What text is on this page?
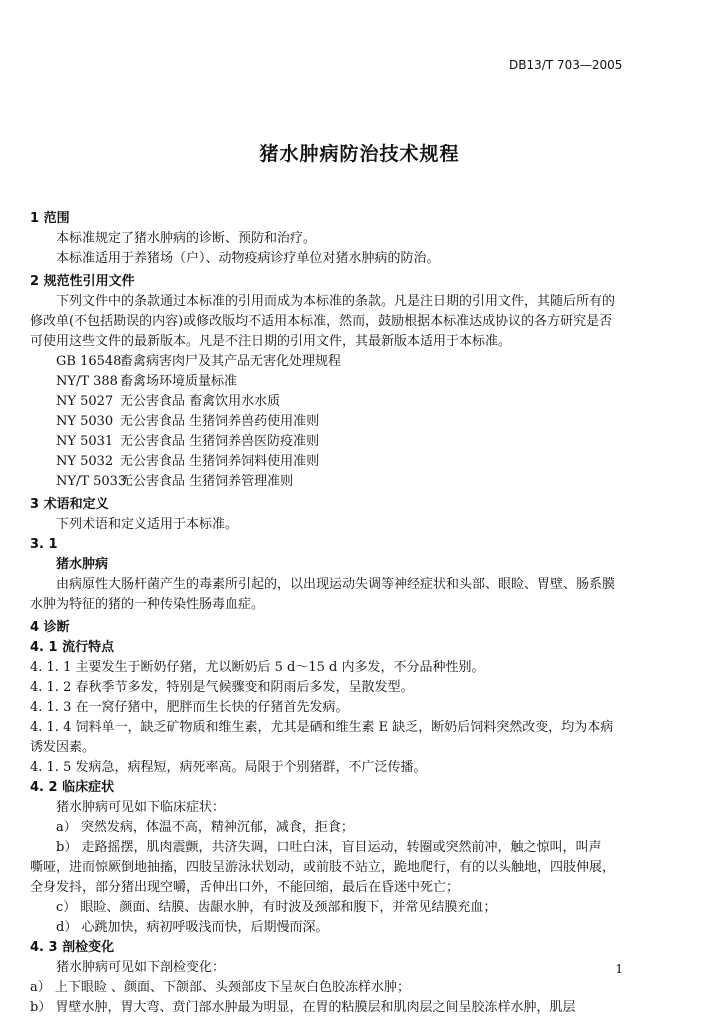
DB13/T 703—2005
猪水肿病防治技术规程
1 范围
本标准规定了猪水肿病的诊断、预防和治疗。
本标准适用于养猪场（户）、动物疫病诊疗单位对猪水肿病的防治。
2 规范性引用文件
下列文件中的条款通过本标准的引用而成为本标准的条款。凡是注日期的引用文件，其随后所有的
修改单(不包括勘误的内容)或修改版均不适用本标准，然而，鼓励根据本标准达成协议的各方研究是否
可使用这些文件的最新版本。凡是不注日期的引用文件，其最新版本适用于本标准。
GB 16548畜禽病害肉尸及其产品无害化处理规程
NY/T 388 畜禽场环境质量标准
NY 5027 无公害食品 畜禽饮用水水质
NY 5030 无公害食品 生猪饲养兽药使用准则
NY 5031 无公害食品 生猪饲养兽医防疫准则
NY 5032 无公害食品 生猪饲养饲料使用准则
NY/T 5033无公害食品 生猪饲养管理准则
3 术语和定义
下列术语和定义适用于本标准。
3. 1
猪水肿病
由病原性大肠杆菌产生的毒素所引起的，以出现运动失调等神经症状和头部、眼睑、胃壁、肠系膜
水肿为特征的猪的一种传染性肠毒血症。
4 诊断
4. 1 流行特点
4. 1. 1 主要发生于断奶仔猪，尤以断奶后 5 d～15 d 内多发，不分品种性别。
4. 1. 2 春秋季节多发，特别是气候骤变和阴雨后多发，呈散发型。
4. 1. 3 在一窝仔猪中，肥胖而生长快的仔猪首先发病。
4. 1. 4 饲料单一，缺乏矿物质和维生素，尤其是硒和维生素 E 缺乏，断奶后饲料突然改变，均为本病
诱发因素。
4. 1. 5 发病急，病程短，病死率高。局限于个别猪群，不广泛传播。
4. 2 临床症状
猪水肿病可见如下临床症状：
a） 突然发病，体温不高，精神沉郁，减食，拒食；
b） 走路摇摆，肌肉震颤，共济失调，口吐白沫，盲目运动，转圈或突然前冲，触之惊叫，叫声
嘶哑，进而惊厥倒地抽搐，四肢呈游泳状划动，或前肢不站立，跪地爬行，有的以头触地，四肢伸展，
全身发抖，部分猪出现空嚼，舌伸出口外，不能回缩，最后在昏迷中死亡；
c） 眼睑、颜面、结膜、齿龈水肿，有时波及颈部和腹下，并常见结膜充血；
d） 心跳加快，病初呼吸浅而快，后期慢而深。
4. 3 剖检变化
猪水肿病可见如下剖检变化：
a） 上下眼睑 、颜面、下颌部、头颈部皮下呈灰白色胶冻样水肿；
b） 胃壁水肿，胃大弯、贲门部水肿最为明显，在胃的粘膜层和肌肉层之间呈胶冻样水肿，肌层
1
